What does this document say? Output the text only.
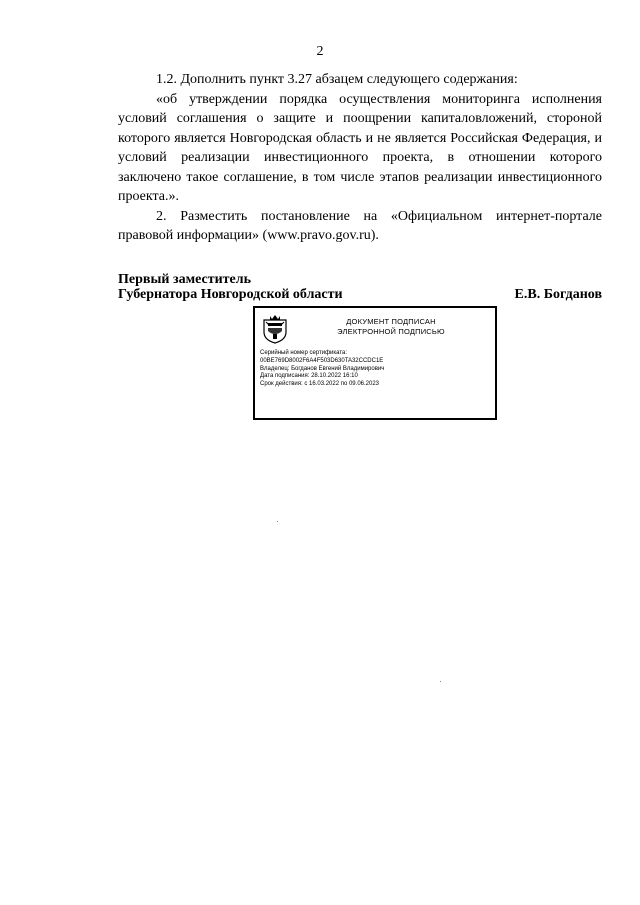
2

1.2. Дополнить пункт 3.27 абзацем следующего содержания:

«об утверждении порядка осуществления мониторинга исполнения условий соглашения о защите и поощрении капиталовложений, стороной которого является Новгородская область и не является Российская Федерация, и условий реализации инвестиционного проекта, в отношении которого заключено такое соглашение, в том числе этапов реализации инвестиционного проекта.».

2. Разместить постановление на «Официальном интернет-портале правовой информации» (www.pravo.gov.ru).

Первый заместитель
Губернатора Новгородской области	Е.В. Богданов
ДОКУМЕНТ ПОДПИСАН
ЭЛЕКТРОННОЙ ПОДПИСЬЮ
Серийный номер сертификата:
00BE769D8002F6A4F503D630TA32CCDC1E
Владелец: Богданов Евгений Владимирович
Дата подписания: 28.10.2022 16:10
Срок действия: с 16.03.2022 по 09.06.2023
